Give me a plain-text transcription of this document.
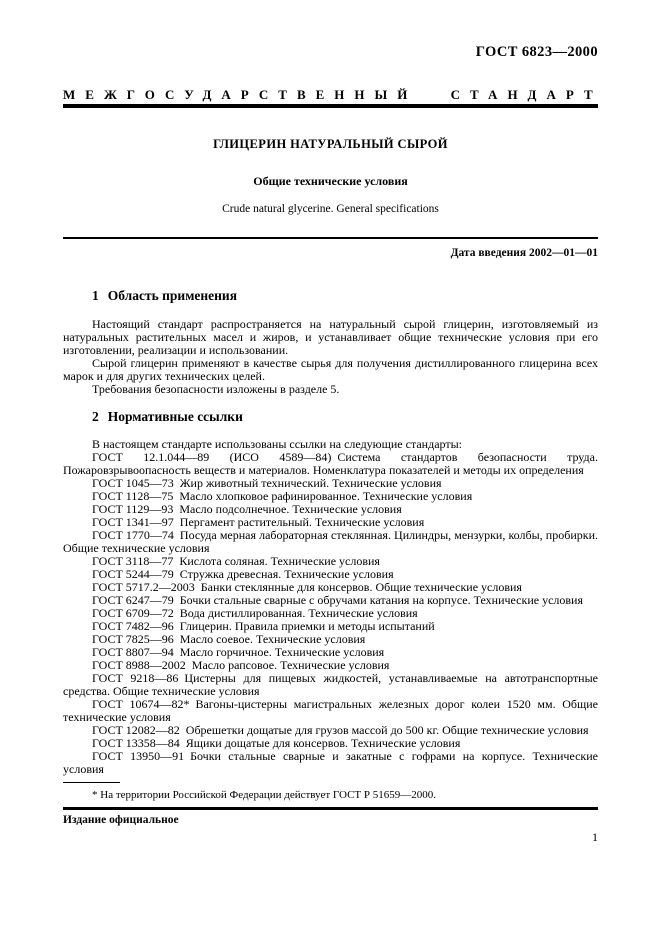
ГОСТ 6823—2000
МЕЖГОСУДАРСТВЕННЫЙ СТАНДАРТ
ГЛИЦЕРИН НАТУРАЛЬНЫЙ СЫРОЙ
Общие технические условия
Crude natural glycerine. General specifications
Дата введения 2002—01—01
1 Область применения

Настоящий стандарт распространяется на натуральный сырой глицерин, изготовляемый из натуральных растительных масел и жиров, и устанавливает общие технические условия при его изготовлении, реализации и использовании.

Сырой глицерин применяют в качестве сырья для получения дистиллированного глицерина всех марок и для других технических целей.

Требования безопасности изложены в разделе 5.

2 Нормативные ссылки

В настоящем стандарте использованы ссылки на следующие стандарты:

ГОСТ 12.1.044—89 (ИСО 4589—84) Система стандартов безопасности труда. Пожаровзрывоопасность веществ и материалов. Номенклатура показателей и методы их определения

ГОСТ 1045—73 Жир животный технический. Технические условия

ГОСТ 1128—75 Масло хлопковое рафинированное. Технические условия

ГОСТ 1129—93 Масло подсолнечное. Технические условия

ГОСТ 1341—97 Пергамент растительный. Технические условия

ГОСТ 1770—74 Посуда мерная лабораторная стеклянная. Цилиндры, мензурки, колбы, пробирки. Общие технические условия

ГОСТ 3118—77 Кислота соляная. Технические условия

ГОСТ 5244—79 Стружка древесная. Технические условия

ГОСТ 5717.2—2003 Банки стеклянные для консервов. Общие технические условия

ГОСТ 6247—79 Бочки стальные сварные с обручами катания на корпусе. Технические условия

ГОСТ 6709—72 Вода дистиллированная. Технические условия

ГОСТ 7482—96 Глицерин. Правила приемки и методы испытаний

ГОСТ 7825—96 Масло соевое. Технические условия

ГОСТ 8807—94 Масло горчичное. Технические условия

ГОСТ 8988—2002 Масло рапсовое. Технические условия

ГОСТ 9218—86 Цистерны для пищевых жидкостей, устанавливаемые на автотранспортные средства. Общие технические условия

ГОСТ 10674—82* Вагоны-цистерны магистральных железных дорог колеи 1520 мм. Общие технические условия

ГОСТ 12082—82 Обрешетки дощатые для грузов массой до 500 кг. Общие технические условия

ГОСТ 13358—84 Ящики дощатые для консервов. Технические условия

ГОСТ 13950—91 Бочки стальные сварные и закатные с гофрами на корпусе. Технические условия

* На территории Российской Федерации действует ГОСТ Р 51659—2000.

Издание официальное
1
